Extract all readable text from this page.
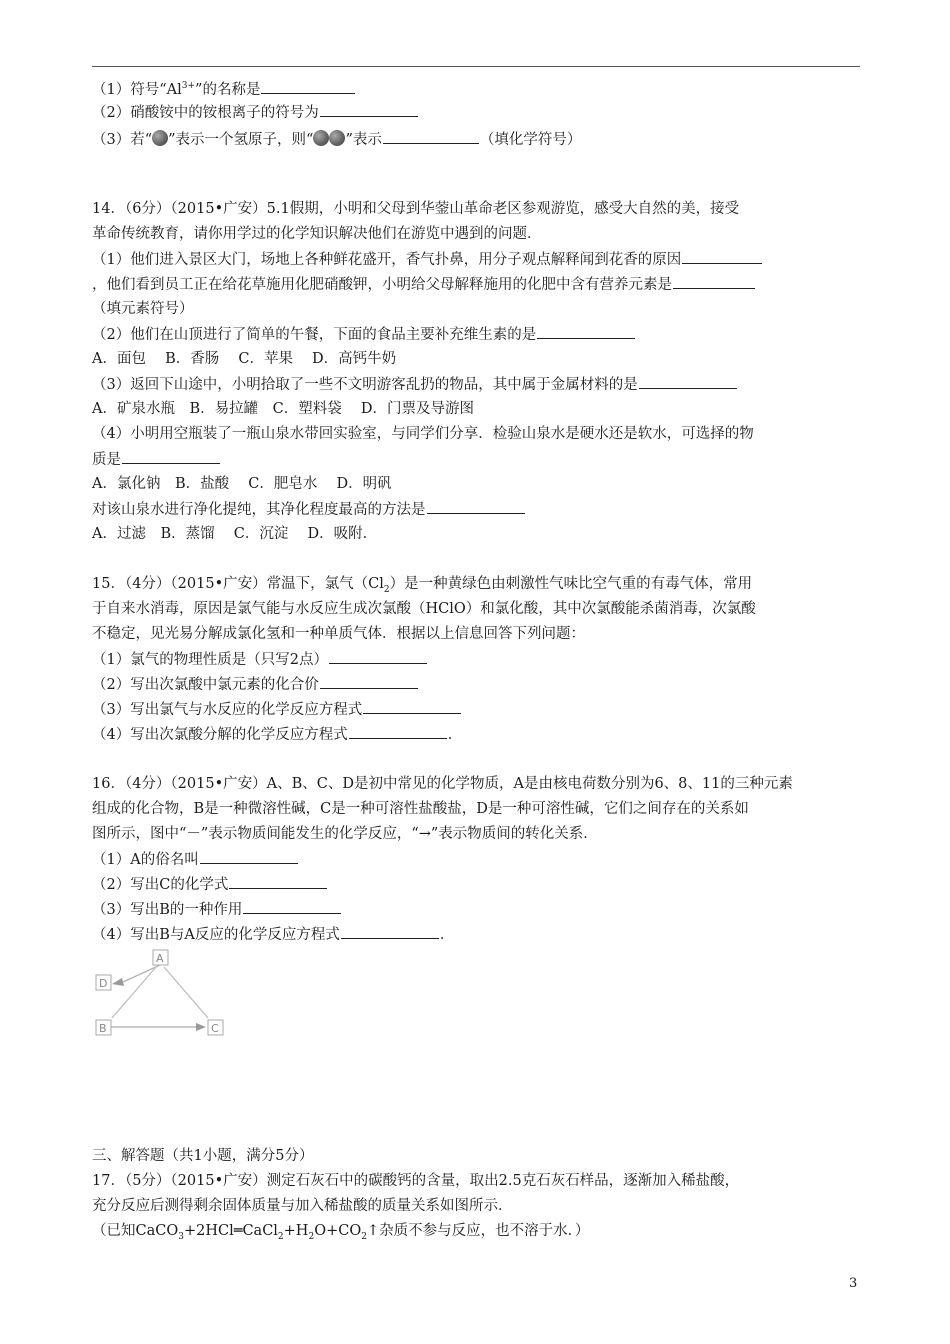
（1）符号“$Al^{3+}$”的名称是
（2）硝酸铵中的铵根离子的符号为
（3）若“ ”表示一个氢原子，则“ ”表示	（填化学符号）
14．（6分）（2015•广安）5.1假期，小明和父母到华蓥山革命老区参观游览，感受大自然的美，接受
革命传统教育，请你用学过的化学知识解决他们在游览中遇到的问题．
（1）他们进入景区大门，场地上各种鲜花盛开，香气扑鼻，用分子观点解释闻到花香的原因
，他们看到员工正在给花草施用化肥硝酸钾，小明给父母解释施用的化肥中含有营养元素是
（填元素符号）
（2）他们在山顶进行了简单的午餐，下面的食品主要补充维生素的是
A．面包　 B．香肠　 C．苹果　 D．高钙牛奶
（3）返回下山途中，小明拾取了一些不文明游客乱扔的物品，其中属于金属材料的是
A．矿泉水瓶　B．易拉罐　C．塑料袋　 D．门票及导游图
（4）小明用空瓶装了一瓶山泉水带回实验室，与同学们分享．检验山泉水是硬水还是软水，可选择的物
质是
A．氯化钠　B．盐酸　 C．肥皂水　 D．明矾
对该山泉水进行净化提纯，其净化程度最高的方法是
A．过滤　B．蒸馏　 C．沉淀　 D．吸附．
15．（4分）（2015•广安）常温下，氯气$(Cl_2)$是一种黄绿色由刺激性气味比空气重的有毒气体，常用
于自来水消毒，原因是氯气能与水反应生成次氯酸（HClO）和氯化酸，其中次氯酸能杀菌消毒，次氯酸
不稳定，见光易分解成氯化氢和一种单质气体．根据以上信息回答下列问题：
（1）氯气的物理性质是（只写2点）
（2）写出次氯酸中氯元素的化合价
（3）写出氯气与水反应的化学反应方程式
（4）写出次氯酸分解的化学反应方程式	．
16．（4分）（2015•广安）A、B、C、D是初中常见的化学物质，A是由核电荷数分别为6、8、11的三种元素
组成的化合物，B是一种微溶性碱，C是一种可溶性盐酸盐，D是一种可溶性碱，它们之间存在的关系如
图所示，图中“－”表示物质间能发生的化学反应，“→”表示物质间的转化关系．
（1）A的俗名叫
（2）写出C的化学式
（3）写出B的一种作用
（4）写出B与A反应的化学反应方程式	．
A
D
B	C
三、解答题（共1小题，满分5分）
17．（5分）（2015•广安）测定石灰石中的碳酸钙的含量，取出2.5克石灰石样品，逐渐加入稀盐酸，
充分反应后测得剩余固体质量与加入稀盐酸的质量关系如图所示．
（已知$CaCO_3+2HCl═CaCl_2+H_2O+CO_2↑$杂质不参与反应，也不溶于水．）
3
